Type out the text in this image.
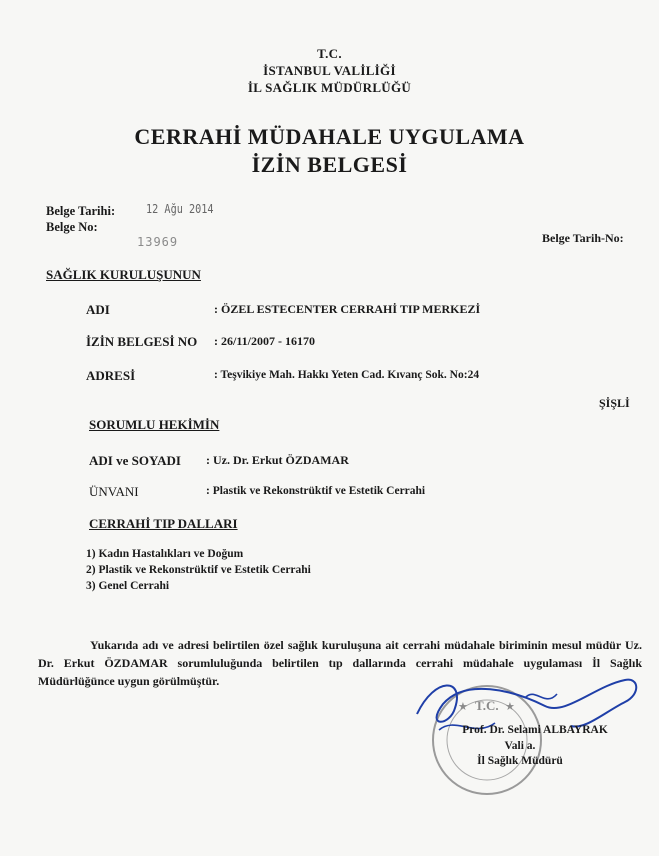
T.C.
İSTANBUL VALİLİĞİ
İL SAĞLIK MÜDÜRLÜĞÜ
CERRAHİ MÜDAHALE UYGULAMA
İZİN BELGESİ
Belge Tarihi:	12 Ağu 2014
Belge No:
13969	Belge Tarih-No:
SAĞLIK KURULUŞUNUN
ADI	: ÖZEL ESTECENTER CERRAHİ TIP MERKEZİ
İZİN BELGESİ NO : 26/11/2007 - 16170
ADRESİ	: Teşvikiye Mah. Hakkı Yeten Cad. Kıvanç Sok. No:24
ŞİŞLİ
SORUMLU HEKİMİN
ADI ve SOYADI : Uz. Dr. Erkut ÖZDAMAR
ÜNVANI	: Plastik ve Rekonstrüktif ve Estetik Cerrahi
CERRAHİ TIP DALLARI
1) Kadın Hastalıkları ve Doğum
2) Plastik ve Rekonstrüktif ve Estetik Cerrahi
3) Genel Cerrahi
Yukarıda adı ve adresi belirtilen özel sağlık kuruluşuna ait cerrahi müdahale biriminin mesul müdür Uz. Dr. Erkut ÖZDAMAR sorumluluğunda belirtilen tıp dallarında cerrahi müdahale uygulaması İl Sağlık Müdürlüğünce uygun görülmüştür.
T.C.
★	★
Prof. Dr. Selami ALBAYRAK
Vali a.
İl Sağlık Müdürü
